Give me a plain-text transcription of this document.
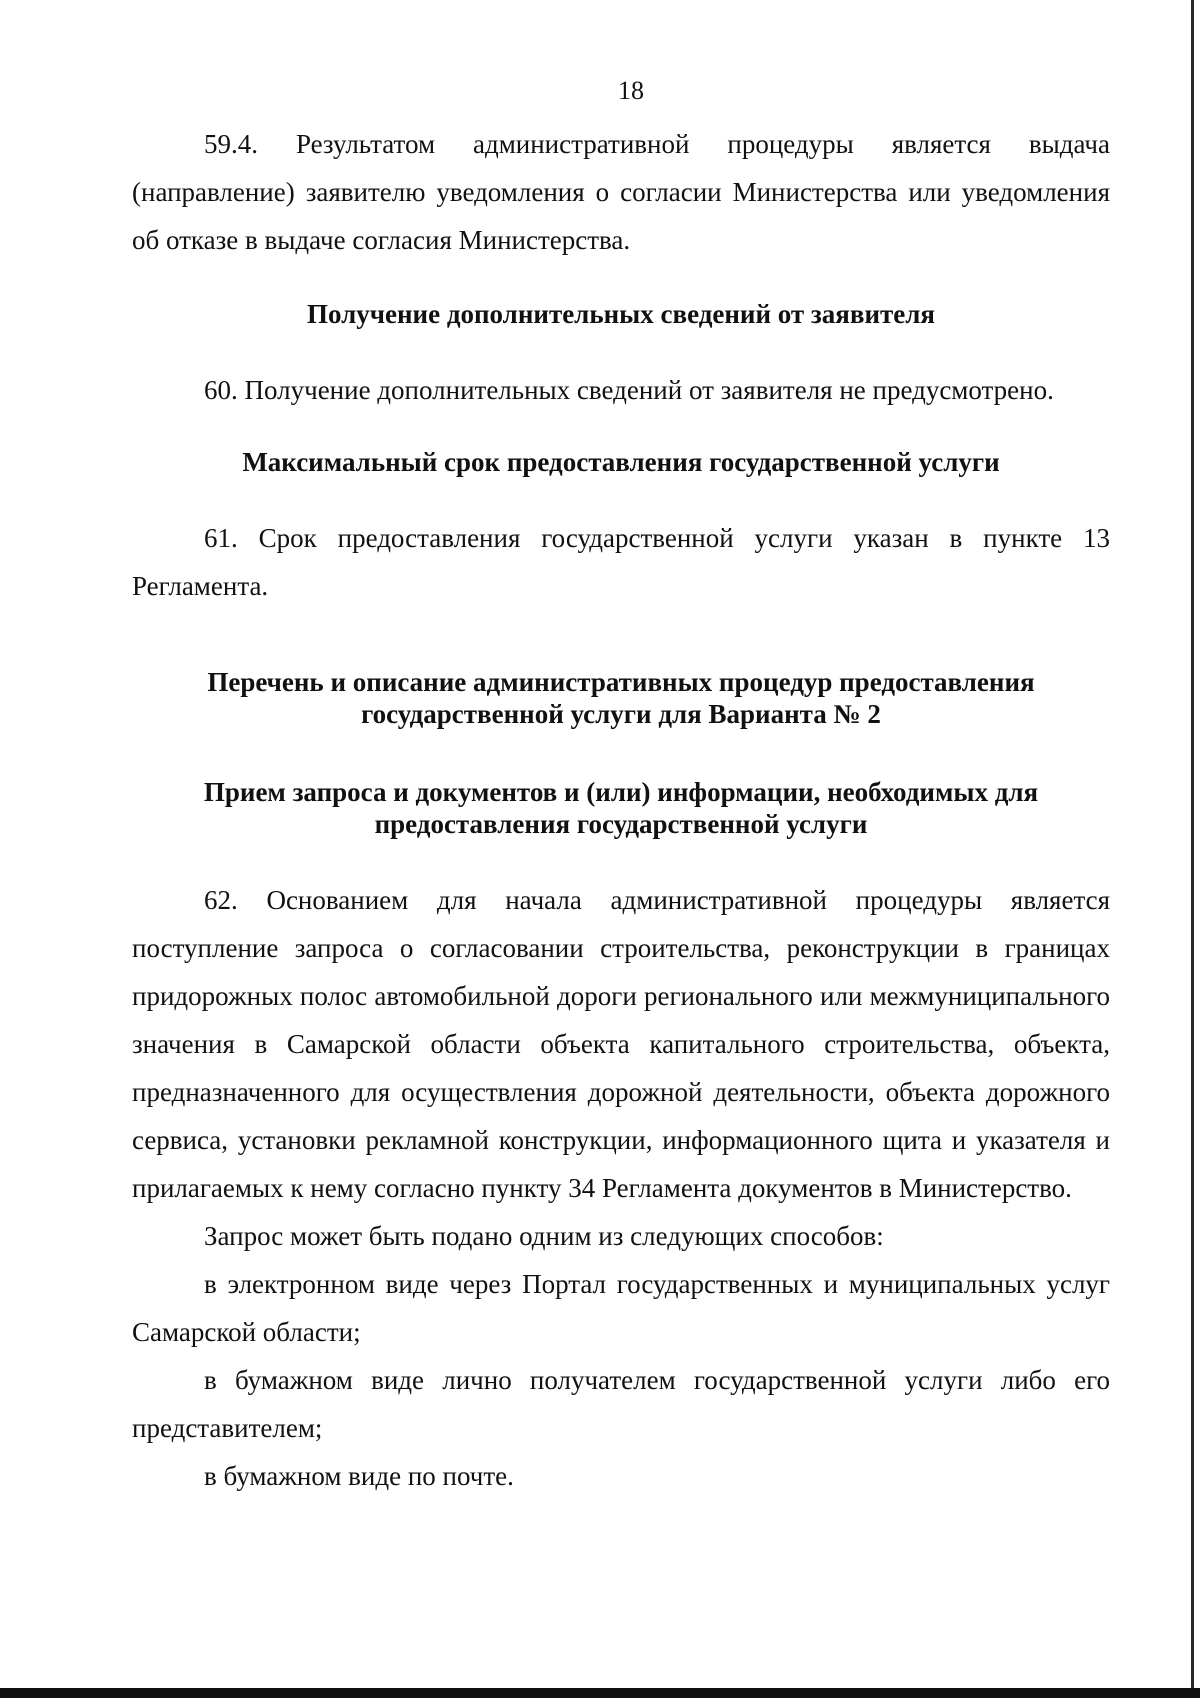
18

59.4. Результатом административной процедуры является выдача (направление) заявителю уведомления о согласии Министерства или уведомления об отказе в выдаче согласия Министерства.

Получение дополнительных сведений от заявителя

60. Получение дополнительных сведений от заявителя не предусмотрено.

Максимальный срок предоставления государственной услуги

61. Срок предоставления государственной услуги указан в пункте 13 Регламента.

Перечень и описание административных процедур предоставления
государственной услуги для Варианта № 2
Прием запроса и документов и (или) информации, необходимых для
предоставления государственной услуги

62. Основанием для начала административной процедуры является поступление запроса о согласовании строительства, реконструкции в границах придорожных полос автомобильной дороги регионального или межмуниципального значения в Самарской области объекта капитального строительства, объекта, предназначенного для осуществления дорожной деятельности, объекта дорожного сервиса, установки рекламной конструкции, информационного щита и указателя и прилагаемых к нему согласно пункту 34 Регламента документов в Министерство.

Запрос может быть подано одним из следующих способов:

в электронном виде через Портал государственных и муниципальных услуг Самарской области;

в бумажном виде лично получателем государственной услуги либо его представителем;

в бумажном виде по почте.
